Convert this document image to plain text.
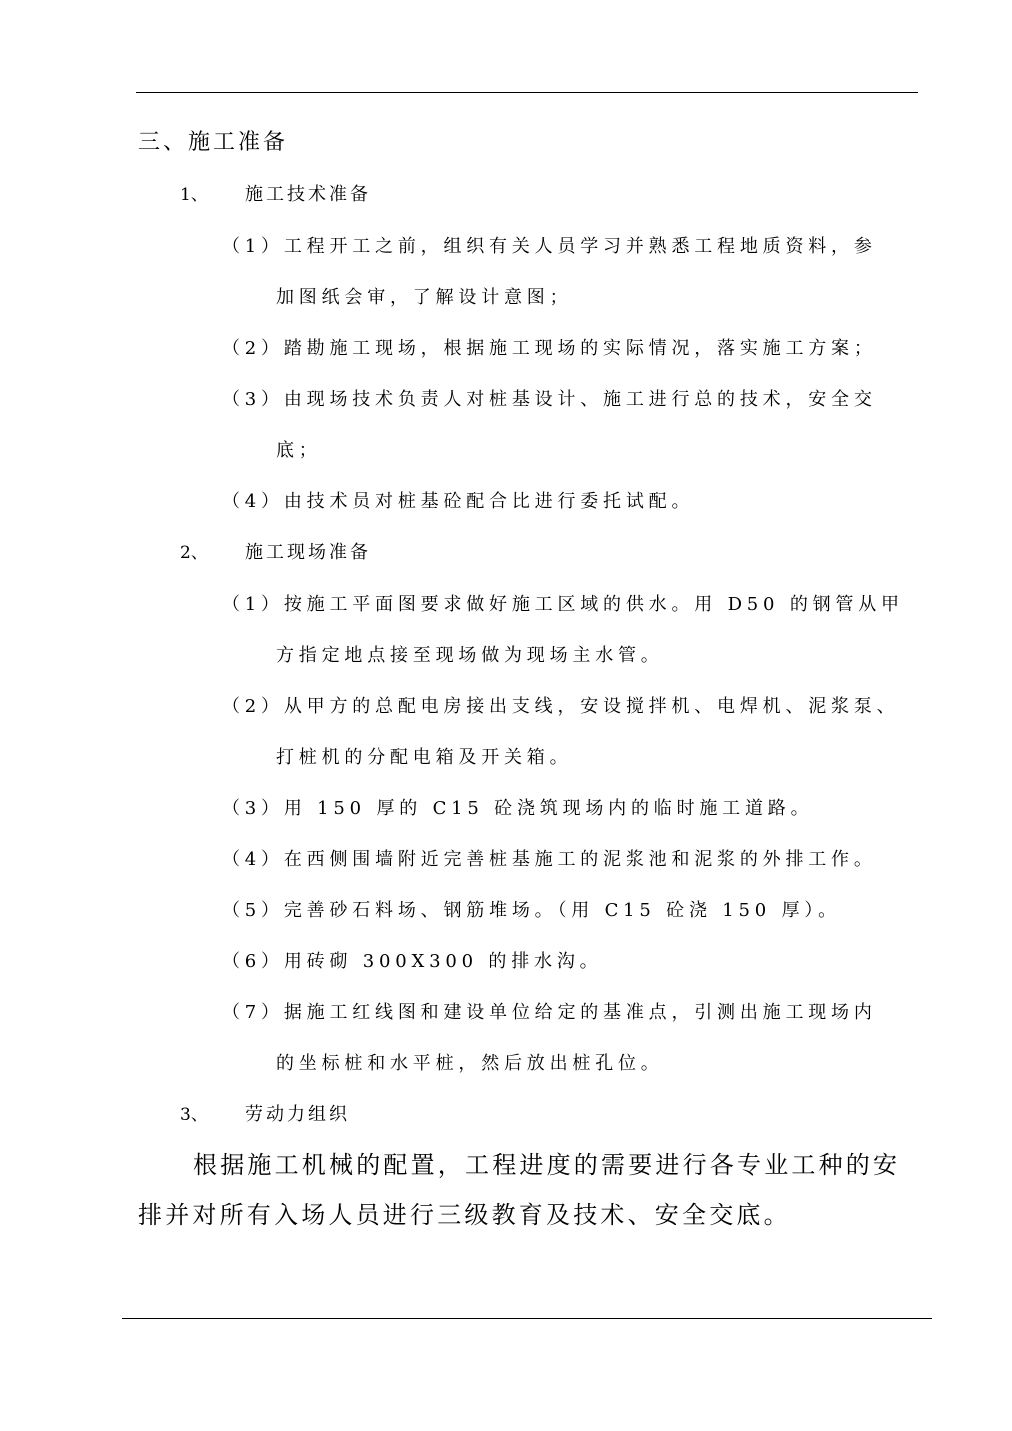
三、施工准备
1、 施工技术准备
（1）工程开工之前，组织有关人员学习并熟悉工程地质资料，参
加图纸会审，了解设计意图；
（2）踏勘施工现场，根据施工现场的实际情况，落实施工方案；
（3）由现场技术负责人对桩基设计、施工进行总的技术，安全交
底；
（4）由技术员对桩基砼配合比进行委托试配。
2、 施工现场准备
（1）按施工平面图要求做好施工区域的供水。用 D50 的钢管从甲
方指定地点接至现场做为现场主水管。
（2）从甲方的总配电房接出支线，安设搅拌机、电焊机、泥浆泵、
打桩机的分配电箱及开关箱。
（3）用 150 厚的 C15 砼浇筑现场内的临时施工道路。
（4）在西侧围墙附近完善桩基施工的泥浆池和泥浆的外排工作。
（5）完善砂石料场、钢筋堆场。（用 C15 砼浇 150 厚）。
（6）用砖砌 300X300 的排水沟。
（7）据施工红线图和建设单位给定的基准点，引测出施工现场内
的坐标桩和水平桩，然后放出桩孔位。
3、 劳动力组织
根据施工机械的配置，工程进度的需要进行各专业工种的安
排并对所有入场人员进行三级教育及技术、安全交底。
